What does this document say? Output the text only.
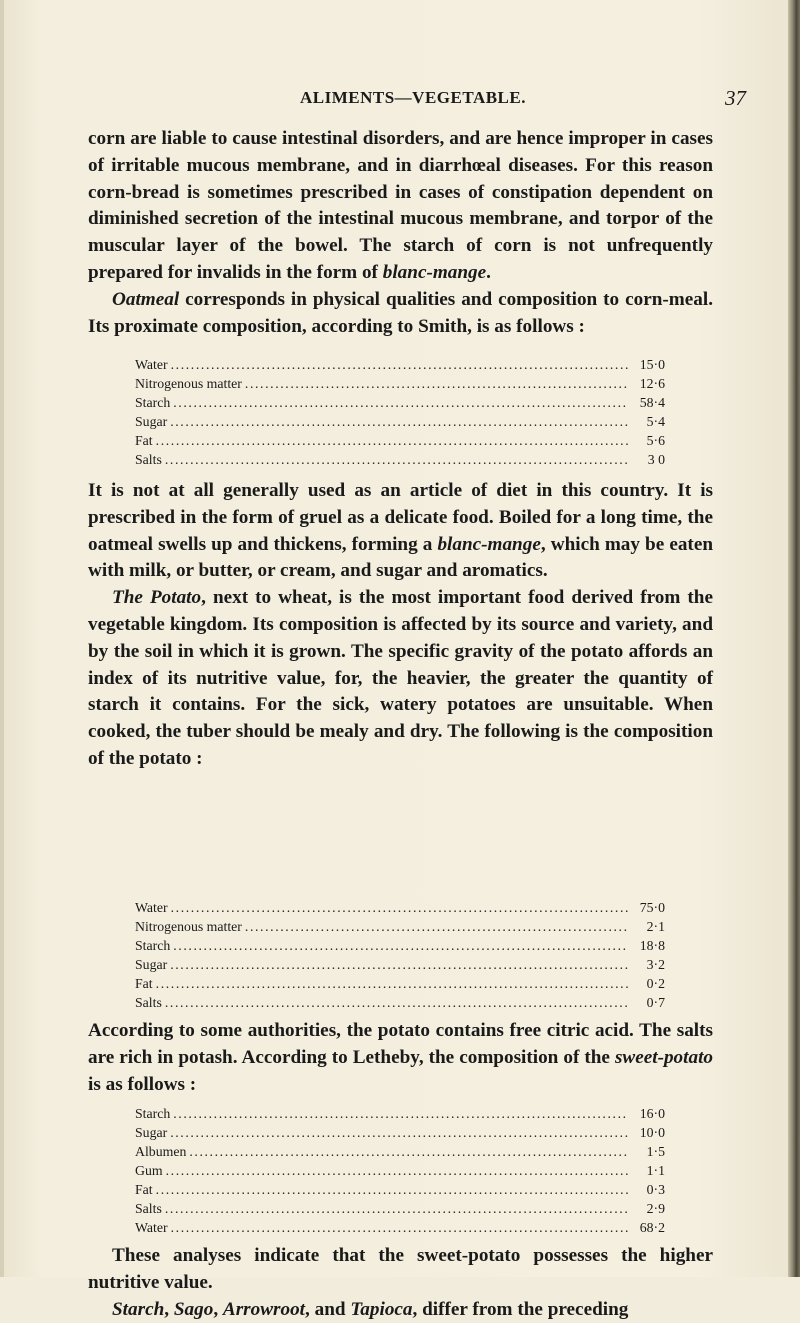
ALIMENTS—VEGETABLE.	37

corn are liable to cause intestinal disorders, and are hence improper in cases of irritable mucous membrane, and in diarrhœal diseases. For this reason corn-bread is sometimes prescribed in cases of constipation dependent on diminished secretion of the intestinal mucous membrane, and torpor of the muscular layer of the bowel. The starch of corn is not unfrequently prepared for invalids in the form of blanc-mange.

Oatmeal corresponds in physical qualities and composition to corn-meal. Its proximate composition, according to Smith, is as follows :

Water .....	15·0
Nitrogenous matter .....	12·6
Starch .....	58·4
Sugar .....	5·4
Fat .....	5·6
Salts .....	3 0

It is not at all generally used as an article of diet in this country. It is prescribed in the form of gruel as a delicate food. Boiled for a long time, the oatmeal swells up and thickens, forming a blanc-mange, which may be eaten with milk, or butter, or cream, and sugar and aromatics.

The Potato, next to wheat, is the most important food derived from the vegetable kingdom. Its composition is affected by its source and variety, and by the soil in which it is grown. The specific gravity of the potato affords an index of its nutritive value, for, the heavier, the greater the quantity of starch it contains. For the sick, watery potatoes are unsuitable. When cooked, the tuber should be mealy and dry. The following is the composition of the potato :

Water .....	75·0
Nitrogenous matter .....	2·1
Starch .....	18·8
Sugar .....	3·2
Fat .....	0·2
Salts .....	0·7

According to some authorities, the potato contains free citric acid. The salts are rich in potash. According to Letheby, the composition of the sweet-potato is as follows :

Starch .....	16·0
Sugar .....	10·0
Albumen .....	1·5
Gum .....	1·1
Fat .....	0·3
Salts .....	2·9
Water .....	68·2

These analyses indicate that the sweet-potato possesses the higher nutritive value.

Starch, Sago, Arrowroot, and Tapioca, differ from the preceding
